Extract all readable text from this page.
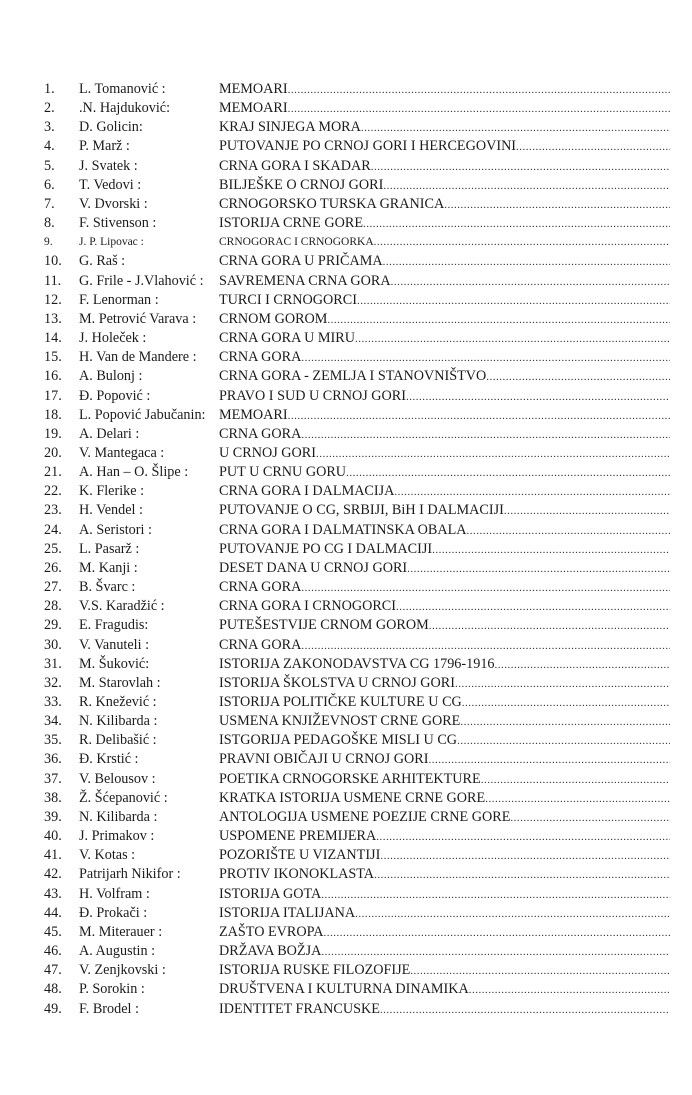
1.	L. Tomanović :	MEMOARI
.....
2.	.N. Hajduković:	MEMOARI
.....
3.	D. Golicin:	KRAJ SINJEGA MORA
.....
4.	P. Marž :	PUTOVANJE PO CRNOJ GORI I HERCEGOVINI
.....
5.	J. Svatek :	CRNA GORA I SKADAR
.....
6.	T. Vedovi :	BILJEŠKE O CRNOJ GORI
.....
7.	V. Dvorski :	CRNOGORSKO TURSKA GRANICA
.....
8.	F. Stivenson :	ISTORIJA CRNE GORE
.....
9.	J. P. Lipovac :	CRNOGORAC I CRNOGORKA
.....
10.	G. Raš :	CRNA GORA U PRIČAMA
.....
11.	G. Frile - J.Vlahović :	SAVREMENA CRNA GORA
.....
12.	F. Lenorman :	TURCI I CRNOGORCI
.....
13.	M. Petrović Varava :	CRNOM GOROM
.....
14.	J. Holeček :	CRNA GORA U MIRU
.....
15.	H. Van de Mandere :	CRNA GORA
.....
16.	A. Bulonj :	CRNA GORA - ZEMLJA I STANOVNIŠTVO
.....
17.	Đ. Popović :	PRAVO I SUD U CRNOJ GORI
.....
18.	L. Popović Jabučanin: MEMOARI
.....
19.	A. Delari :	CRNA GORA
.....
20.	V. Mantegaca :	U CRNOJ GORI
.....
21.	A. Han – O. Šlipe :	PUT U CRNU GORU
.....
22.	K. Flerike :	CRNA GORA I DALMACIJA
.....
23.	H. Vendel :	PUTOVANJE O CG, SRBIJI, BiH I DALMACIJI
.....
24.	A. Seristori :	CRNA GORA I DALMATINSKA OBALA
.....
25.	L. Pasarž :	PUTOVANJE PO CG I DALMACIJI
.....
26.	M. Kanji :	DESET DANA U CRNOJ GORI
.....
27.	B. Švarc :	CRNA GORA
.....
28.	V.S. Karadžić :	CRNA GORA I CRNOGORCI
.....
29.	E. Fragudis:	PUTEŠESTVIJE CRNOM GOROM
.....
30.	V. Vanuteli :	CRNA GORA
.....
31.	M. Šuković:	ISTORIJA ZAKONODAVSTVA CG 1796-1916
.....
32.	M. Starovlah :	ISTORIJA ŠKOLSTVA U CRNOJ GORI
.....
33.	R. Knežević :	ISTORIJA POLITIČKE KULTURE U CG
.....
34.	N. Kilibarda :	USMENA KNJIŽEVNOST CRNE GORE
.....
35.	R. Delibašić :	ISTGORIJA PEDAGOŠKE MISLI U CG
.....
36.	Đ. Krstić :	PRAVNI OBIČAJI U CRNOJ GORI
.....
37.	V. Belousov :	POETIKA CRNOGORSKE ARHITEKTURE
.....
38.	Ž. Šćepanović :	KRATKA ISTORIJA USMENE CRNE GORE
.....
39.	N. Kilibarda :	ANTOLOGIJA USMENE POEZIJE CRNE GORE
.....
40.	J. Primakov :	USPOMENE PREMIJERA
.....
41.	V. Kotas :	POZORIŠTE U VIZANTIJI
.....
42.	Patrijarh Nikifor :	PROTIV IKONOKLASTA
.....
43.	H. Volfram :	ISTORIJA GOTA
.....
44.	Đ. Prokači :	ISTORIJA ITALIJANA
.....
45.	M. Miterauer :	ZAŠTO EVROPA
.....
46.	A. Augustin :	DRŽAVA BOŽJA
.....
47.	V. Zenjkovski :	ISTORIJA RUSKE FILOZOFIJE
.....
48.	P. Sorokin :	DRUŠTVENA I KULTURNA DINAMIKA
.....
49.	F. Brodel :	IDENTITET FRANCUSKE
.....
